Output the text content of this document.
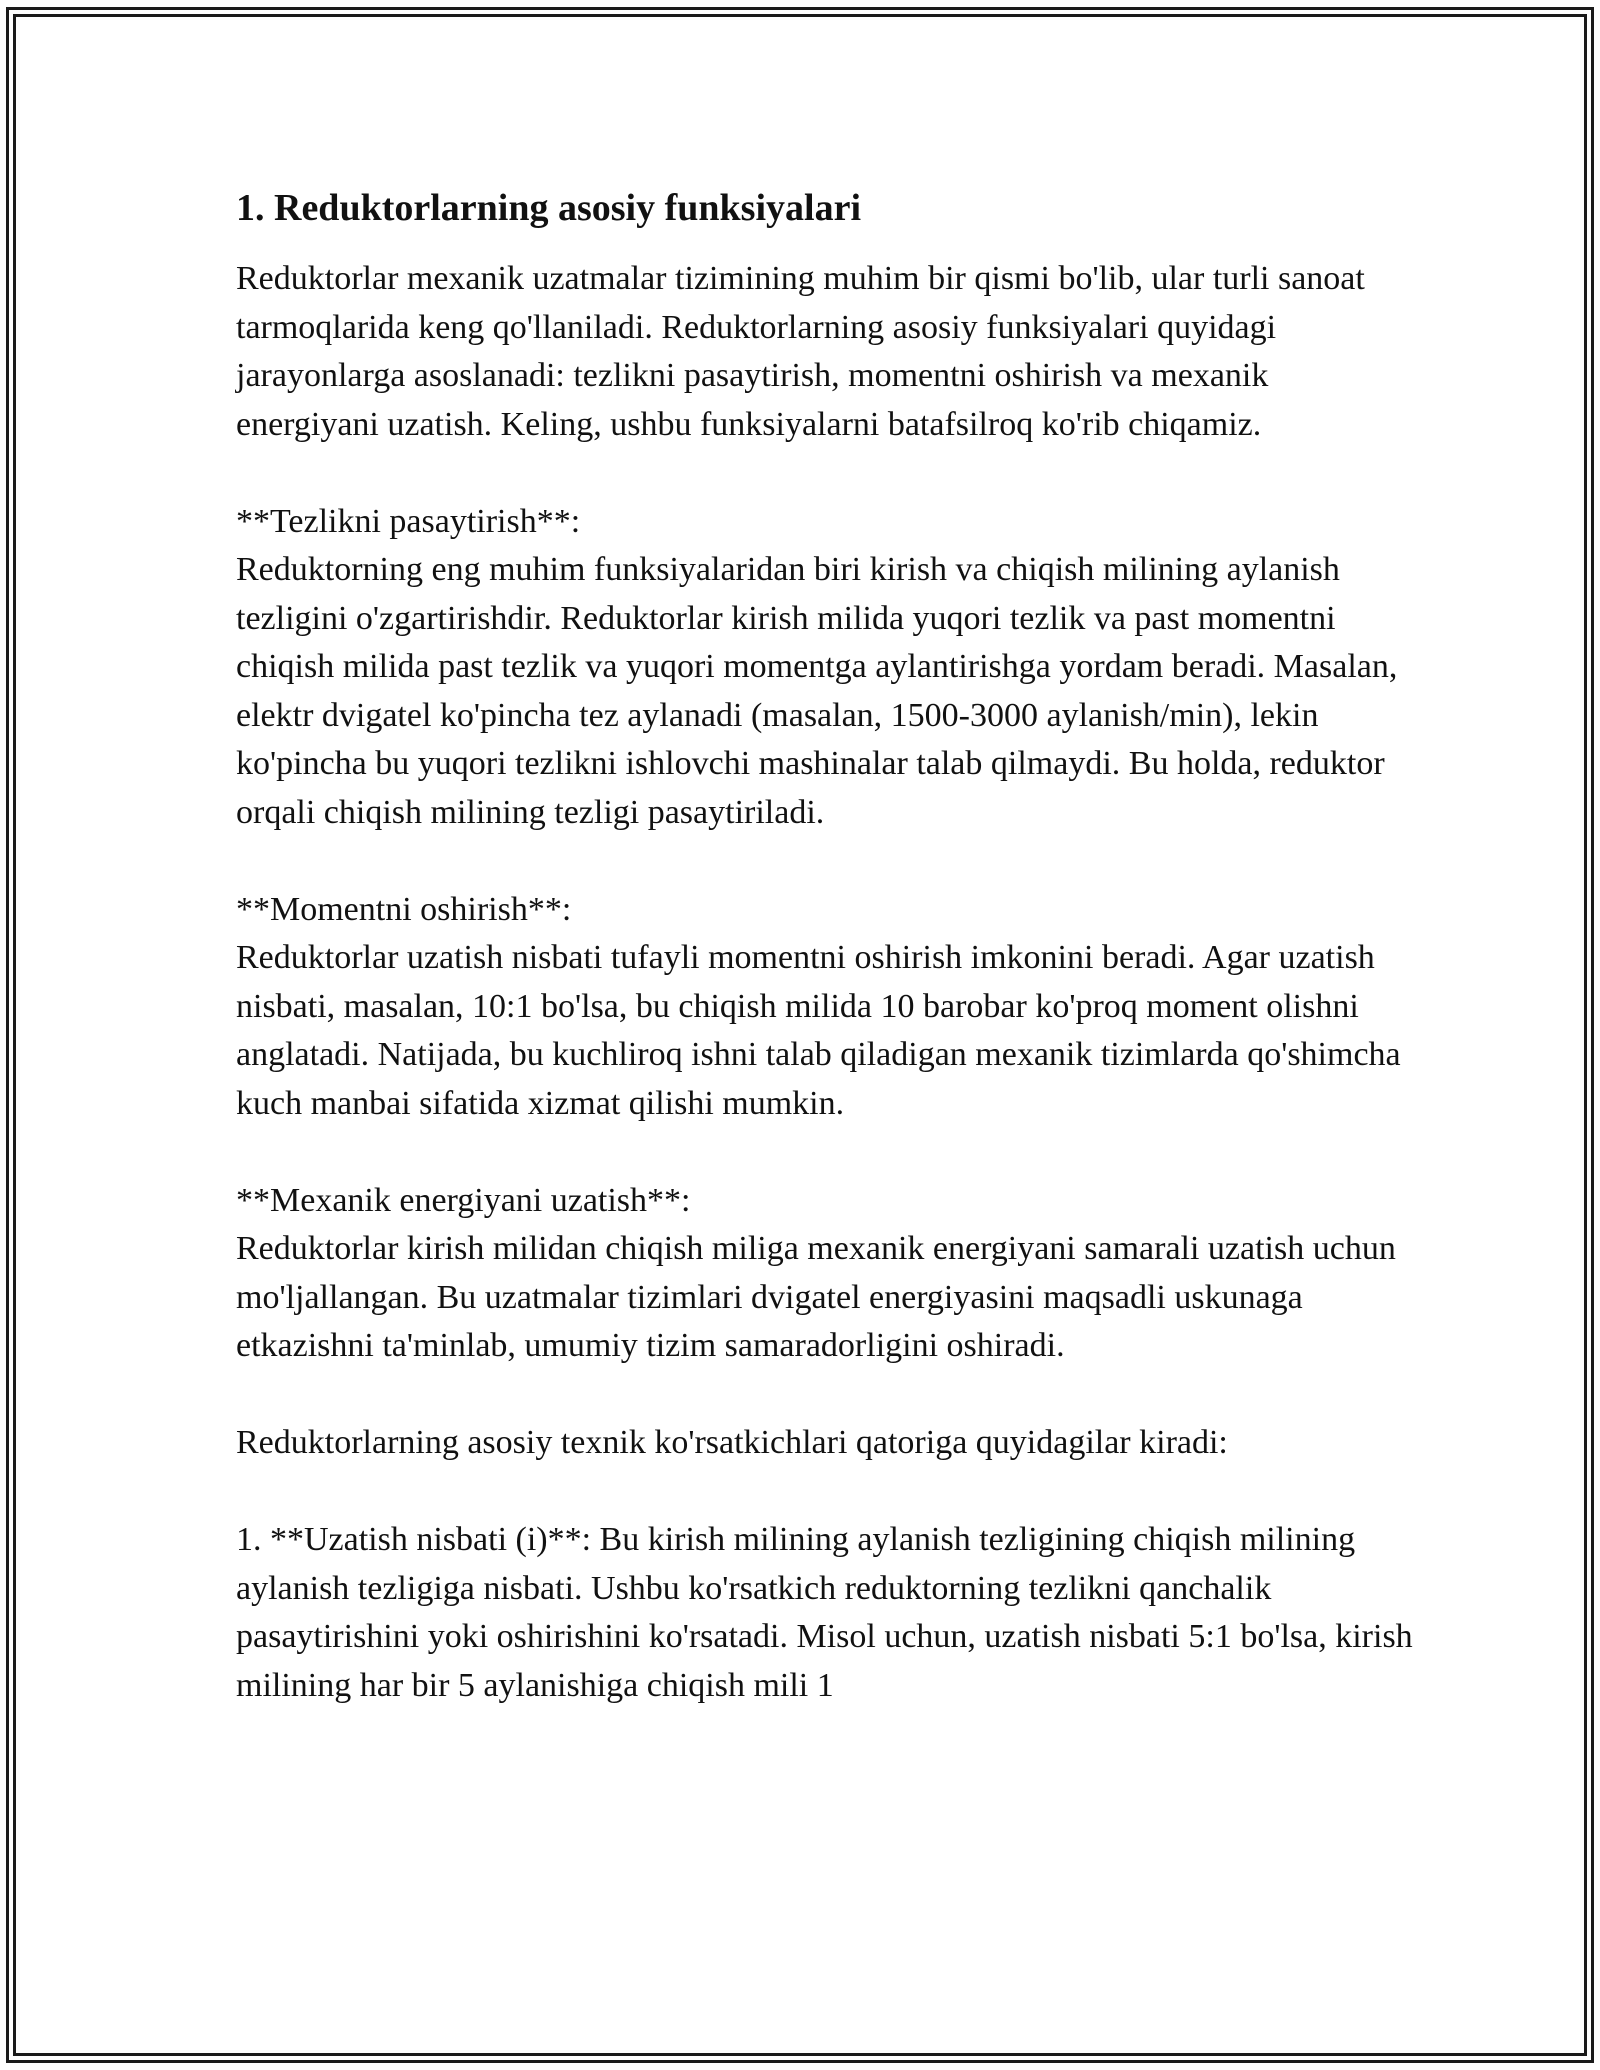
1. Reduktorlarning asosiy funksiyalari

Reduktorlar mexanik uzatmalar tizimining muhim bir qismi bo'lib, ular turli sanoat tarmoqlarida keng qo'llaniladi. Reduktorlarning asosiy funksiyalari quyidagi jarayonlarga asoslanadi: tezlikni pasaytirish, momentni oshirish va mexanik energiyani uzatish. Keling, ushbu funksiyalarni batafsilroq ko'rib chiqamiz.

**Tezlikni pasaytirish**:
Reduktorning eng muhim funksiyalaridan biri kirish va chiqish milining aylanish tezligini o'zgartirishdir. Reduktorlar kirish milida yuqori tezlik va past momentni chiqish milida past tezlik va yuqori momentga aylantirishga yordam beradi. Masalan, elektr dvigatel ko'pincha tez aylanadi (masalan, 1500-3000 aylanish/min), lekin ko'pincha bu yuqori tezlikni ishlovchi mashinalar talab qilmaydi. Bu holda, reduktor orqali chiqish milining tezligi pasaytiriladi.

**Momentni oshirish**:
Reduktorlar uzatish nisbati tufayli momentni oshirish imkonini beradi. Agar uzatish nisbati, masalan, 10:1 bo'lsa, bu chiqish milida 10 barobar ko'proq moment olishni anglatadi. Natijada, bu kuchliroq ishni talab qiladigan mexanik tizimlarda qo'shimcha kuch manbai sifatida xizmat qilishi mumkin.

**Mexanik energiyani uzatish**:
Reduktorlar kirish milidan chiqish miliga mexanik energiyani samarali uzatish uchun mo'ljallangan. Bu uzatmalar tizimlari dvigatel energiyasini maqsadli uskunaga etkazishni ta'minlab, umumiy tizim samaradorligini oshiradi.

Reduktorlarning asosiy texnik ko'rsatkichlari qatoriga quyidagilar kiradi:

1. **Uzatish nisbati (i)**: Bu kirish milining aylanish tezligining chiqish milining aylanish tezligiga nisbati. Ushbu ko'rsatkich reduktorning tezlikni qanchalik pasaytirishini yoki oshirishini ko'rsatadi. Misol uchun, uzatish nisbati 5:1 bo'lsa, kirish milining har bir 5 aylanishiga chiqish mili 1
